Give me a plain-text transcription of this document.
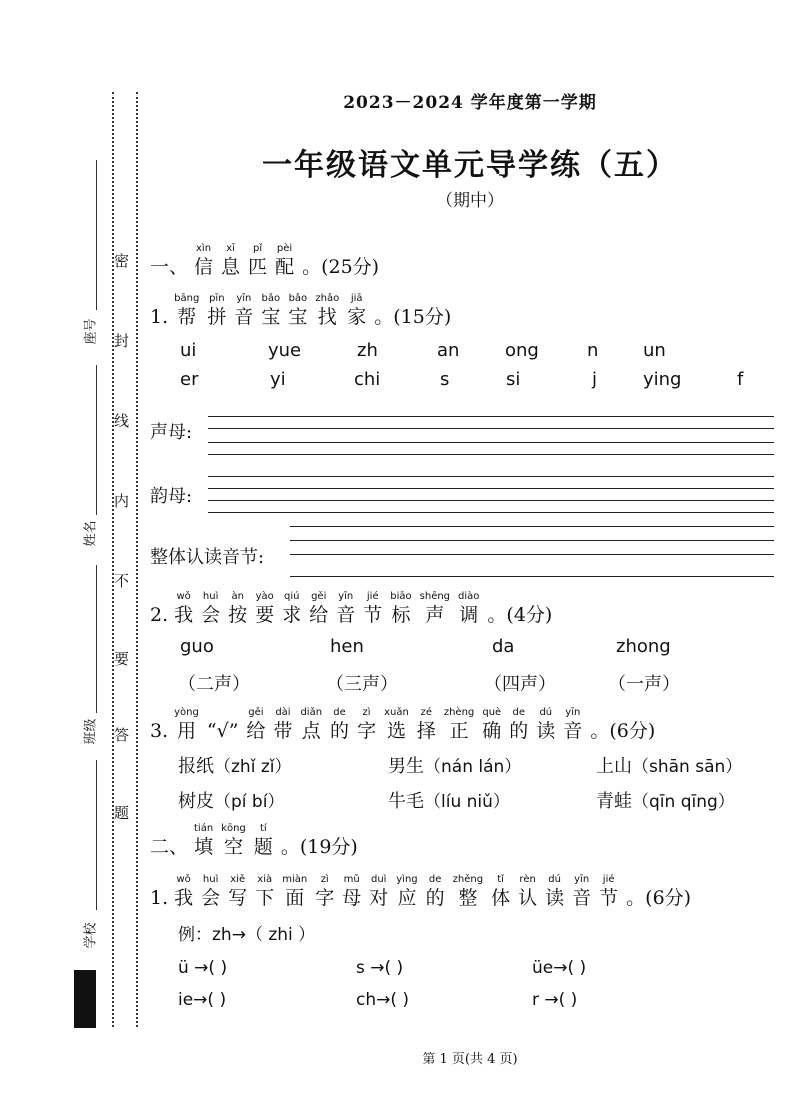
密
封
线
内
不
要
答
题
座号
姓名
班级
学校
2023－2024 学年度第一学期
一年级语文单元导学练（五）
（期中）
一、
xìn
信
xī
息
pǐ
匹
pèi
配 。(25分)
1.
bāng
帮
pīn
拼
yīn
音
bǎo
宝
bǎo
宝
zhǎo
找
jiā
家 。(15分)
ui	yue	zh	an	ong	n un
er	yi	chi	s	si	j	ying	f
声母:
韵母:
整体认读音节:
2.
wǒ
我
huì
会
àn
按
yào
要
qiú
求
gěi
给
yīn
音
jié
节
biāo
标
shēng
声
diào
调 。(4分)
guo	hen	da	zhong
（二声）	（三声）	（四声）	（一声）
3.
yòng
用 “√”
gěi
给
dài
带
diǎn
点
de
的
zì
字
xuǎn
选
zé
择
zhèng
正
què
确
de
的
dú
读
yīn
音 。(6分)
报纸（zhǐ zǐ）	男生（nán lán）	上山（shān sān）
树皮（pí bí）	牛毛（líu niǔ）	青蛙（qīn qīng）
二、
tián
填
kōng
空
tí
题 。(19分)
1.
wǒ
我
huì
会
xiě
写
xià
下
miàn
面
zì
字
mǔ
母
duì
对
yìng
应
de
的
zhěng
整
tǐ
体
rèn
认
dú
读
yīn
音
jié
节 。(6分)
例：zh→（ zhi ）
ü →( )	s →( )	üe→( )
ie→( )	ch→( )	r →( )
第 1 页(共 4 页)
